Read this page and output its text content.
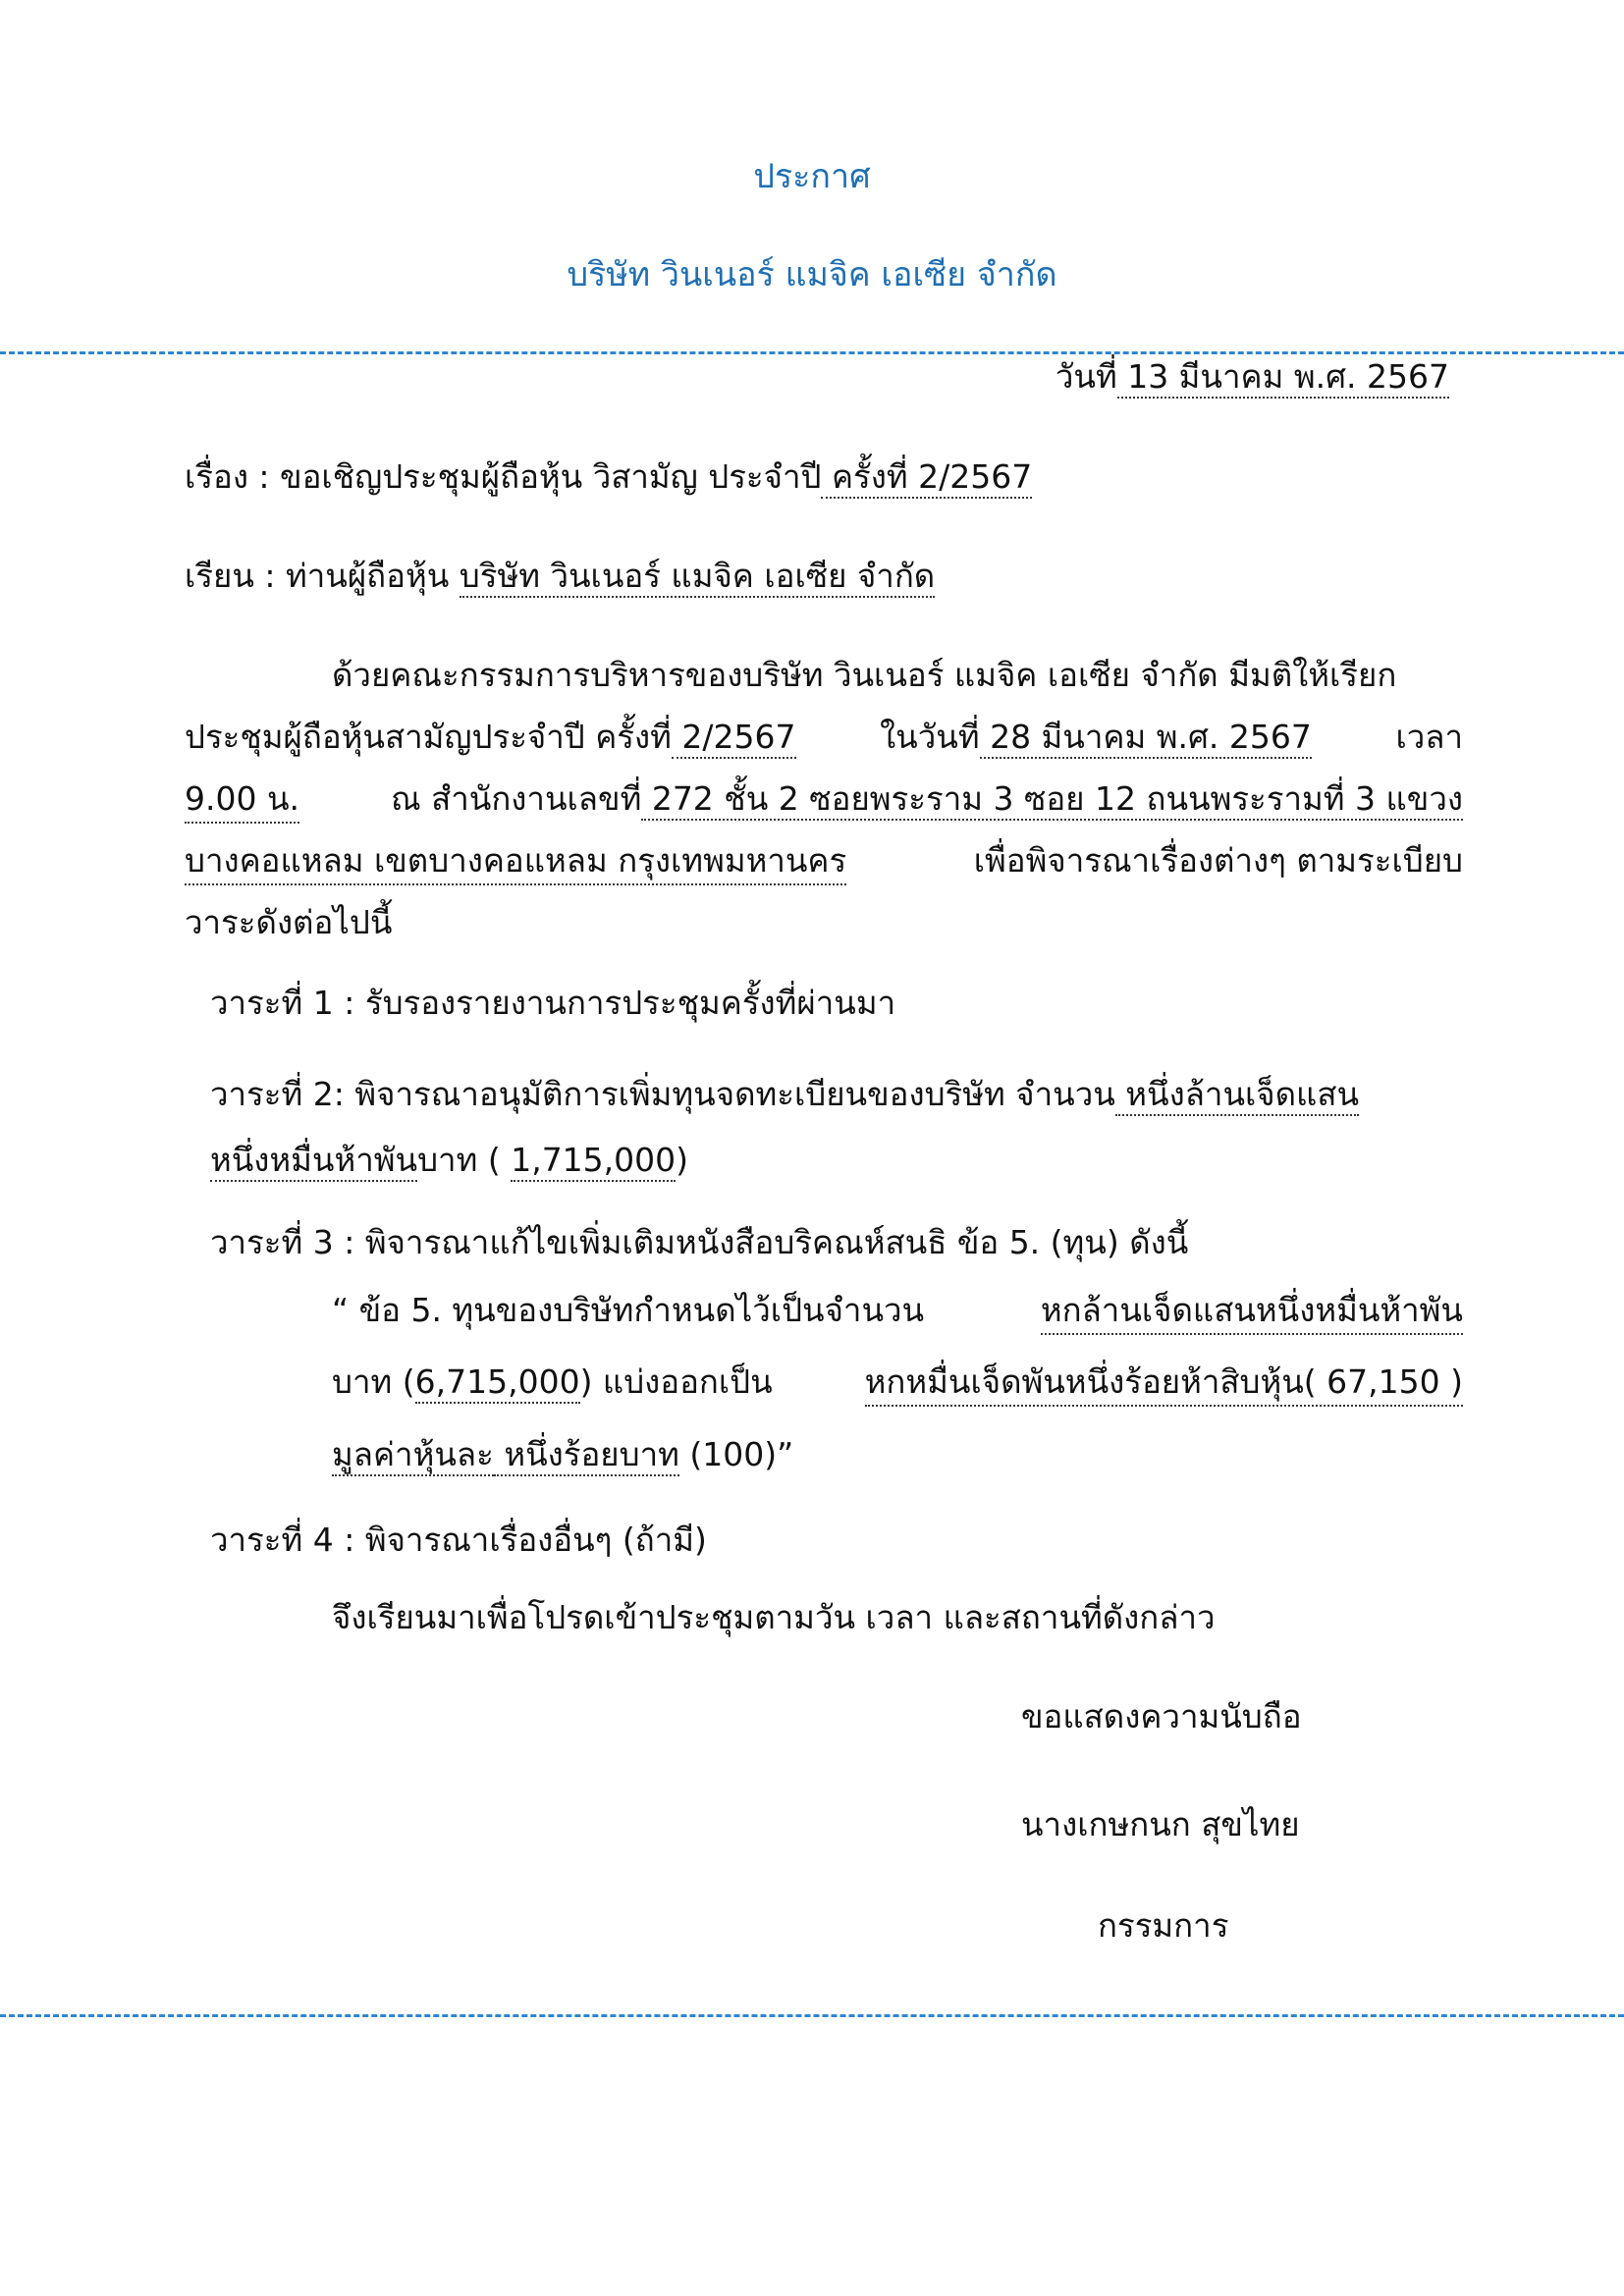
ประกาศ
บริษัท วินเนอร์ แมจิค เอเซีย จำกัด
วันที่ 13 มีนาคม พ.ศ. 2567
เรื่อง : ขอเชิญประชุมผู้ถือหุ้น วิสามัญ ประจำปี ครั้งที่ 2/2567
เรียน : ท่านผู้ถือหุ้น บริษัท วินเนอร์ แมจิค เอเซีย จำกัด
ด้วยคณะกรรมการบริหารของบริษัท วินเนอร์ แมจิค เอเซีย จำกัด มีมติให้เรียก
ประชุมผู้ถือหุ้นสามัญประจำปี ครั้งที่ 2/2567	ในวันที่ 28 มีนาคม พ.ศ. 2567	เวลา
9.00 น.	ณ สำนักงานเลขที่ 272 ชั้น 2 ซอยพระราม 3 ซอย 12 ถนนพระรามที่ 3 แขวง
บางคอแหลม เขตบางคอแหลม กรุงเทพมหานคร	เพื่อพิจารณาเรื่องต่างๆ ตามระเบียบ
วาระดังต่อไปนี้
วาระที่ 1 : รับรองรายงานการประชุมครั้งที่ผ่านมา
วาระที่ 2: พิจารณาอนุมัติการเพิ่มทุนจดทะเบียนของบริษัท จำนวน หนึ่งล้านเจ็ดแสน
หนึ่งหมื่นห้าพันบาท ( 1,715,000)
วาระที่ 3 : พิจารณาแก้ไขเพิ่มเติมหนังสือบริคณห์สนธิ ข้อ 5. (ทุน) ดังนี้
“ ข้อ 5. ทุนของบริษัทกำหนดไว้เป็นจำนวน	หกล้านเจ็ดแสนหนึ่งหมื่นห้าพัน
บาท (6,715,000) แบ่งออกเป็น	หกหมื่นเจ็ดพันหนึ่งร้อยห้าสิบหุ้น( 67,150 )
มูลค่าหุ้นละ หนึ่งร้อยบาท (100)”
วาระที่ 4 : พิจารณาเรื่องอื่นๆ (ถ้ามี)
จึงเรียนมาเพื่อโปรดเข้าประชุมตามวัน เวลา และสถานที่ดังกล่าว
ขอแสดงความนับถือ
นางเกษกนก สุขไทย
กรรมการ
